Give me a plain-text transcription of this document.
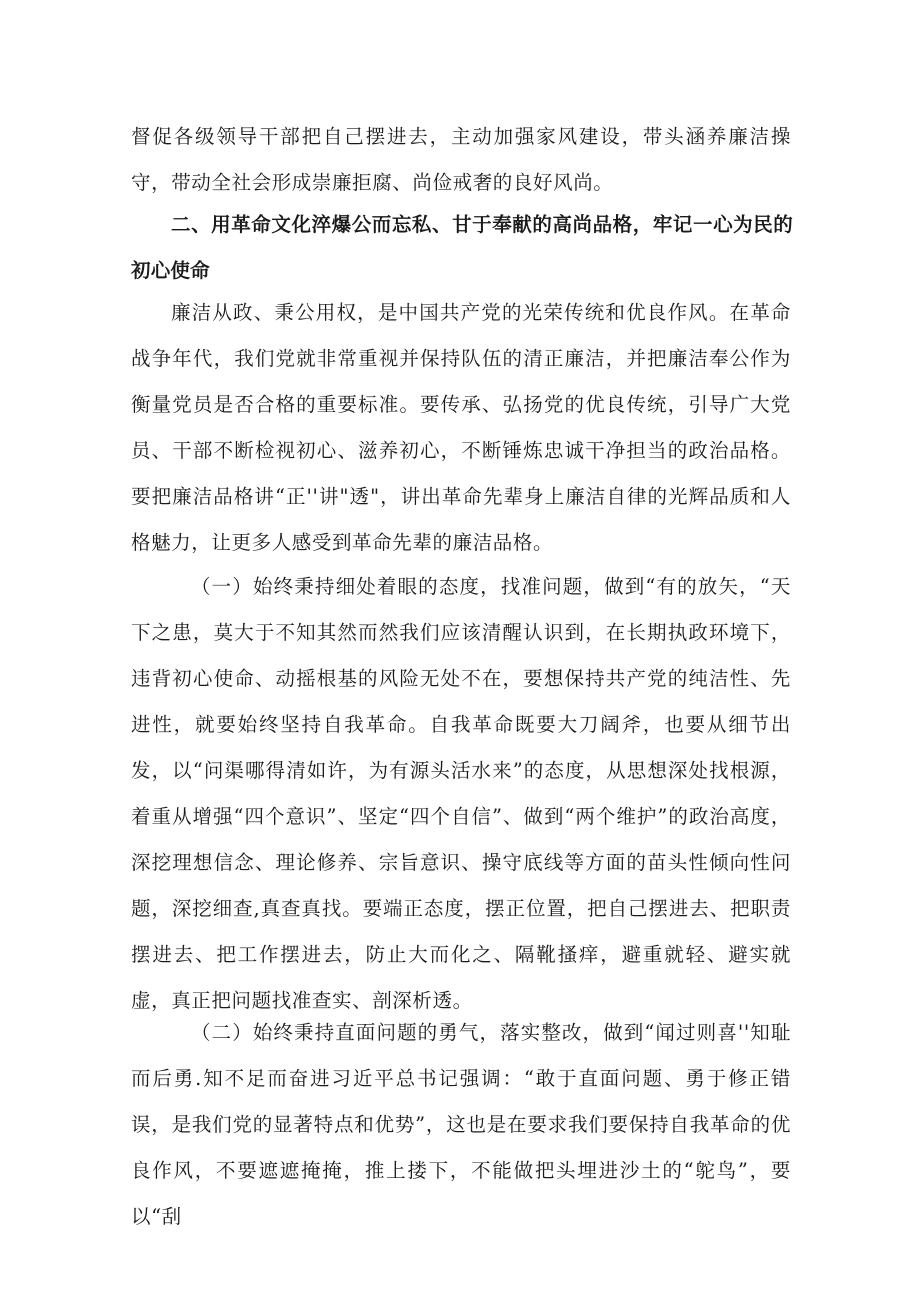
督促各级领导干部把自己摆进去，主动加强家风建设，带头涵养廉洁操守，带动全社会形成崇廉拒腐、尚俭戒奢的良好风尚。

二、用革命文化淬爆公而忘私、甘于奉献的高尚品格，牢记一心为民的初心使命

廉洁从政、秉公用权，是中国共产党的光荣传统和优良作风。在革命战争年代，我们党就非常重视并保持队伍的清正廉洁，并把廉洁奉公作为衡量党员是否合格的重要标准。要传承、弘扬党的优良传统，引导广大党员、干部不断检视初心、滋养初心，不断锤炼忠诚干净担当的政治品格。要把廉洁品格讲“正''讲"透"，讲出革命先辈身上廉洁自律的光辉品质和人格魅力，让更多人感受到革命先辈的廉洁品格。

（一）始终秉持细处着眼的态度，找准问题，做到“有的放矢，“天下之患，莫大于不知其然而然我们应该清醒认识到，在长期执政环境下，违背初心使命、动摇根基的风险无处不在，要想保持共产党的纯洁性、先进性，就要始终坚持自我革命。自我革命既要大刀阔斧，也要从细节出发，以“问渠哪得清如许，为有源头活水来”的态度，从思想深处找根源，着重从增强“四个意识”、坚定“四个自信”、做到“两个维护”的政治高度，深挖理想信念、理论修养、宗旨意识、操守底线等方面的苗头性倾向性问题，深挖细查,真查真找。要端正态度，摆正位置，把自己摆进去、把职责摆进去、把工作摆进去，防止大而化之、隔靴搔痒，避重就轻、避实就虚，真正把问题找准查实、剖深析透。

（二）始终秉持直面问题的勇气，落实整改，做到“闻过则喜''知耻而后勇.知不足而奋进习近平总书记强调：“敢于直面问题、勇于修正错误，是我们党的显著特点和优势”，这也是在要求我们要保持自我革命的优良作风，不要遮遮掩掩，推上搂下，不能做把头埋进沙土的“鸵鸟”，要以“刮
